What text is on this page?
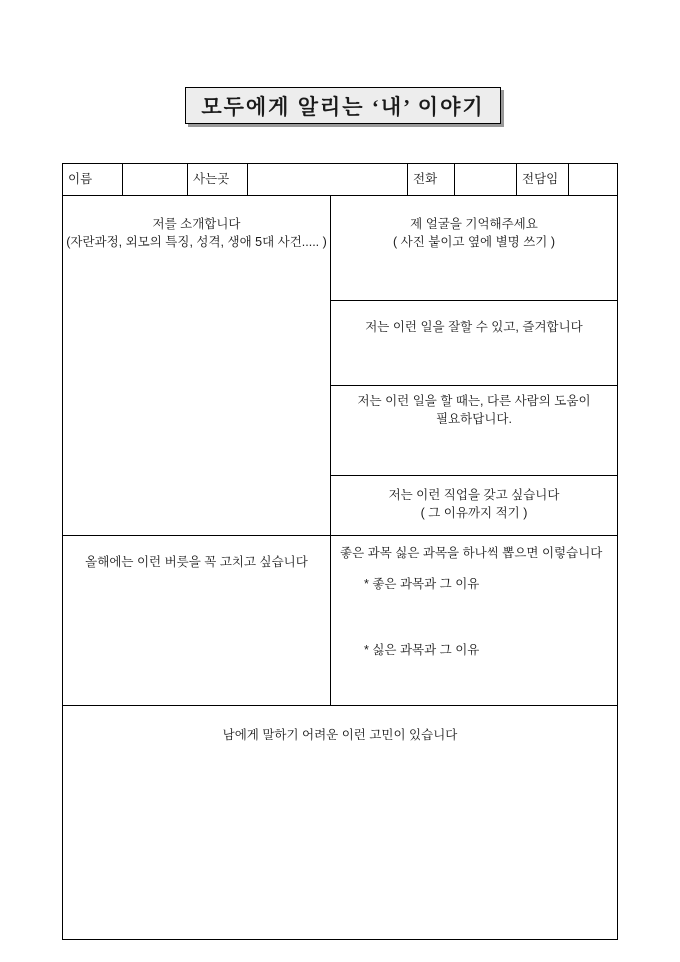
모두에게 알리는 ‘내’ 이야기
이름	사는곳	전화	전담임
저를 소개합니다
(자란과정, 외모의 특징, 성격, 생애 5대 사건..... )
올해에는 이런 버릇을 꼭 고치고 싶습니다
제 얼굴을 기억해주세요
( 사진 붙이고 옆에 별명 쓰기 )
저는 이런 일을 잘할 수 있고, 즐겨합니다
저는 이런 일을 할 때는, 다른 사람의 도움이
필요하답니다.
저는 이런 직업을 갖고 싶습니다
( 그 이유까지 적기 )
좋은 과목 싫은 과목을 하나씩 뽑으면 이렇습니다
* 좋은 과목과 그 이유
* 싫은 과목과 그 이유
남에게 말하기 어려운 이런 고민이 있습니다
